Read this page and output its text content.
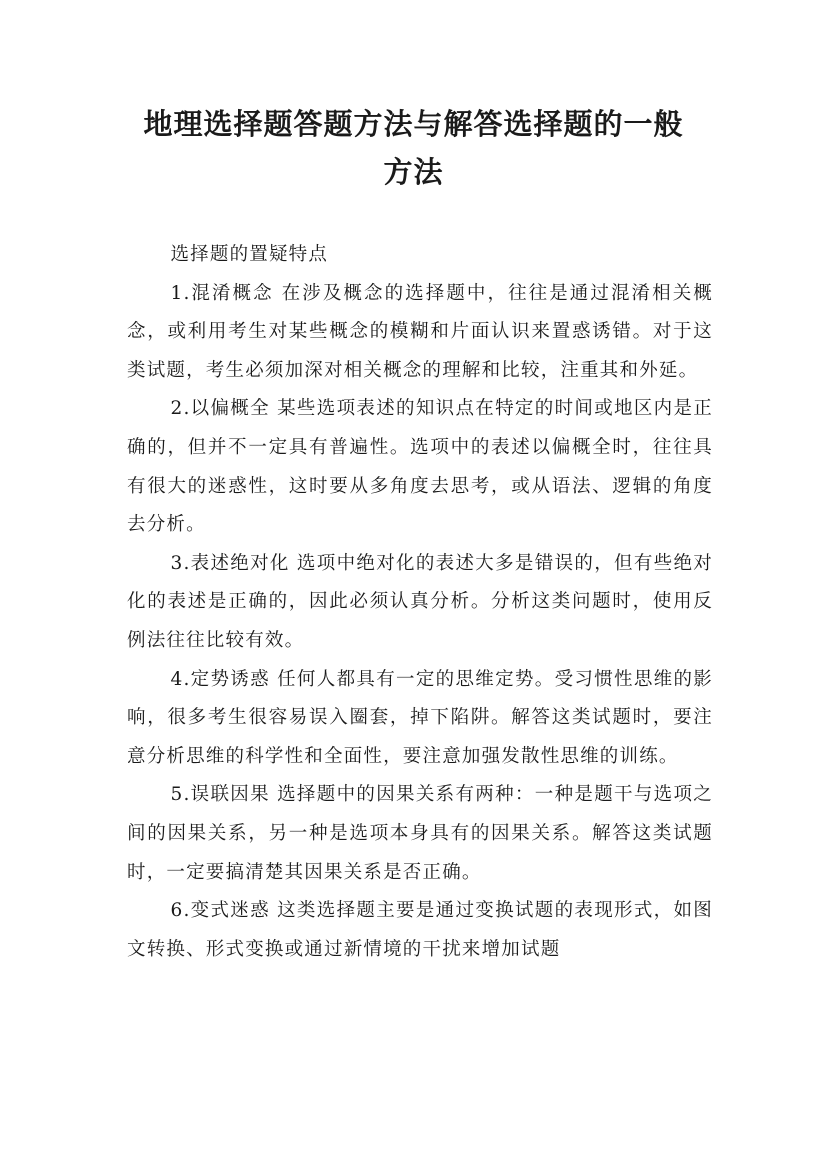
地理选择题答题方法与解答选择题的一般
方法

选择题的置疑特点

1.混淆概念 在涉及概念的选择题中，往往是通过混淆相关概念，或利用考生对某些概念的模糊和片面认识来置惑诱错。对于这类试题，考生必须加深对相关概念的理解和比较，注重其和外延。

2.以偏概全 某些选项表述的知识点在特定的时间或地区内是正确的，但并不一定具有普遍性。选项中的表述以偏概全时，往往具有很大的迷惑性，这时要从多角度去思考，或从语法、逻辑的角度去分析。

3.表述绝对化 选项中绝对化的表述大多是错误的，但有些绝对化的表述是正确的，因此必须认真分析。分析这类问题时，使用反例法往往比较有效。

4.定势诱惑 任何人都具有一定的思维定势。受习惯性思维的影响，很多考生很容易误入圈套，掉下陷阱。解答这类试题时，要注意分析思维的科学性和全面性，要注意加强发散性思维的训练。

5.误联因果 选择题中的因果关系有两种：一种是题干与选项之间的因果关系，另一种是选项本身具有的因果关系。解答这类试题时，一定要搞清楚其因果关系是否正确。

6.变式迷惑 这类选择题主要是通过变换试题的表现形式，如图文转换、形式变换或通过新情境的干扰来增加试题
